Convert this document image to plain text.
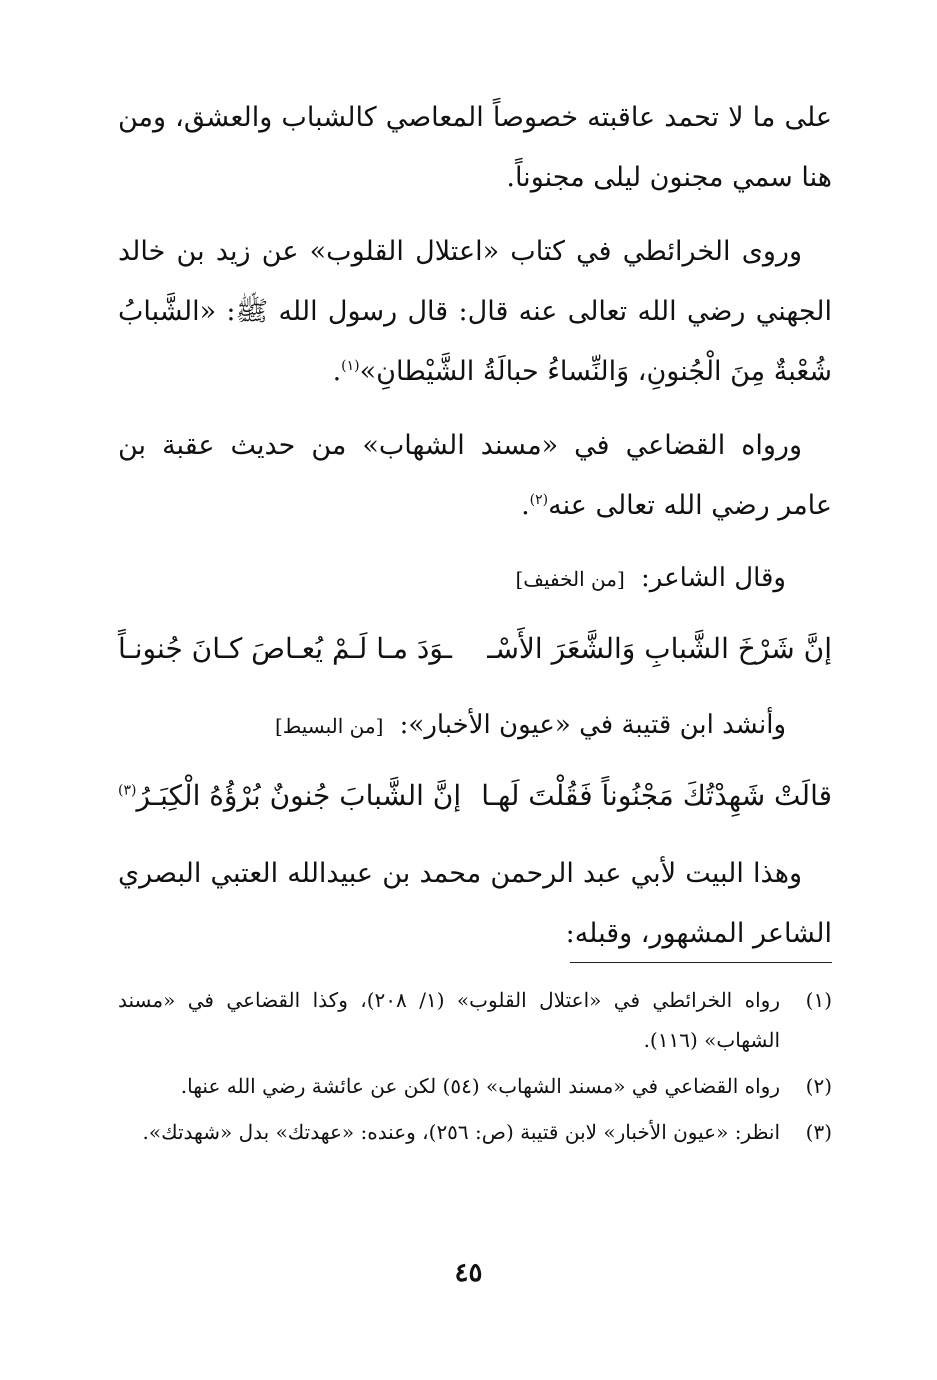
على ما لا تحمد عاقبته خصوصاً المعاصي كالشباب والعشق، ومن هنا سمي مجنون ليلى مجنوناً.

وروى الخرائطي في كتاب «اعتلال القلوب» عن زيد بن خالد الجهني رضي الله تعالى عنه قال: قال رسول الله ﷺ: «الشَّبابُ شُعْبةٌ مِنَ الْجُنونِ، وَالنِّساءُ حبالَةُ الشَّيْطانِ»$^{(١)}$.

ورواه القضاعي في «مسند الشهاب» من حديث عقبة بن عامر رضي الله تعالى عنه$^{(٢)}$.

وقال الشاعر: [من الخفيف]

إنَّ شَرْخَ الشَّبابِ وَالشَّعَرَ الأَسْـ
ـوَدَ مـا لَـمْ يُعـاصَ كـانَ جُنونـاً

وأنشد ابن قتيبة في «عيون الأخبار»: [من البسيط]

قالَتْ شَهِدْتُكَ مَجْنُوناً فَقُلْتَ لَهـا
إنَّ الشَّبابَ جُنونٌ بُرْؤُهُ الْكِبَـرُ$^{(٣)}$

وهذا البيت لأبي عبد الرحمن محمد بن عبيدالله العتبي البصري الشاعر المشهور، وقبله:

(١)
رواه الخرائطي في «اعتلال القلوب» (١/ ٢٠٨)، وكذا القضاعي في «مسند الشهاب» (١١٦).
(٢)
رواه القضاعي في «مسند الشهاب» (٥٤) لكن عن عائشة رضي الله عنها.
(٣)
انظر: «عيون الأخبار» لابن قتيبة (ص: ٢٥٦)، وعنده: «عهدتك» بدل «شهدتك».
٤٥
